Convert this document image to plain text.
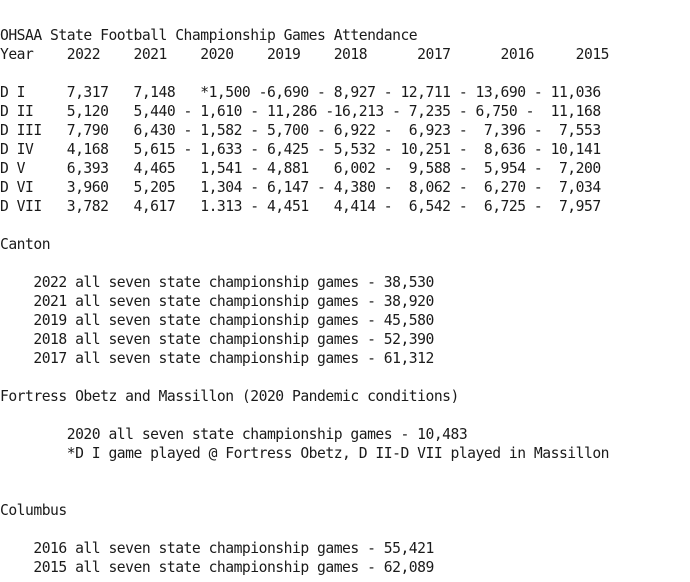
OHSAA State Football Championship Games Attendance
Year    2022    2021    2020    2019    2018      2017      2016     2015
D I     7,317   7,148   *1,500 -6,690 - 8,927 - 12,711 - 13,690 - 11,036
D II    5,120   5,440 - 1,610 - 11,286 -16,213 - 7,235 - 6,750 -  11,168
D III   7,790   6,430 - 1,582 - 5,700 - 6,922 -  6,923 -  7,396 -  7,553
D IV    4,168   5,615 - 1,633 - 6,425 - 5,532 - 10,251 -  8,636 - 10,141
D V     6,393   4,465   1,541 - 4,881   6,002 -  9,588 -  5,954 -  7,200
D VI    3,960   5,205   1,304 - 6,147 - 4,380 -  8,062 -  6,270 -  7,034
D VII   3,782   4,617   1.313 - 4,451   4,414 -  6,542 -  6,725 -  7,957
Canton
2022 all seven state championship games - 38,530
2021 all seven state championship games - 38,920
2019 all seven state championship games - 45,580
2018 all seven state championship games - 52,390
2017 all seven state championship games - 61,312
Fortress Obetz and Massillon (2020 Pandemic conditions)
2020 all seven state championship games - 10,483
*D I game played @ Fortress Obetz, D II-D VII played in Massillon
Columbus
2016 all seven state championship games - 55,421
2015 all seven state championship games - 62,089
